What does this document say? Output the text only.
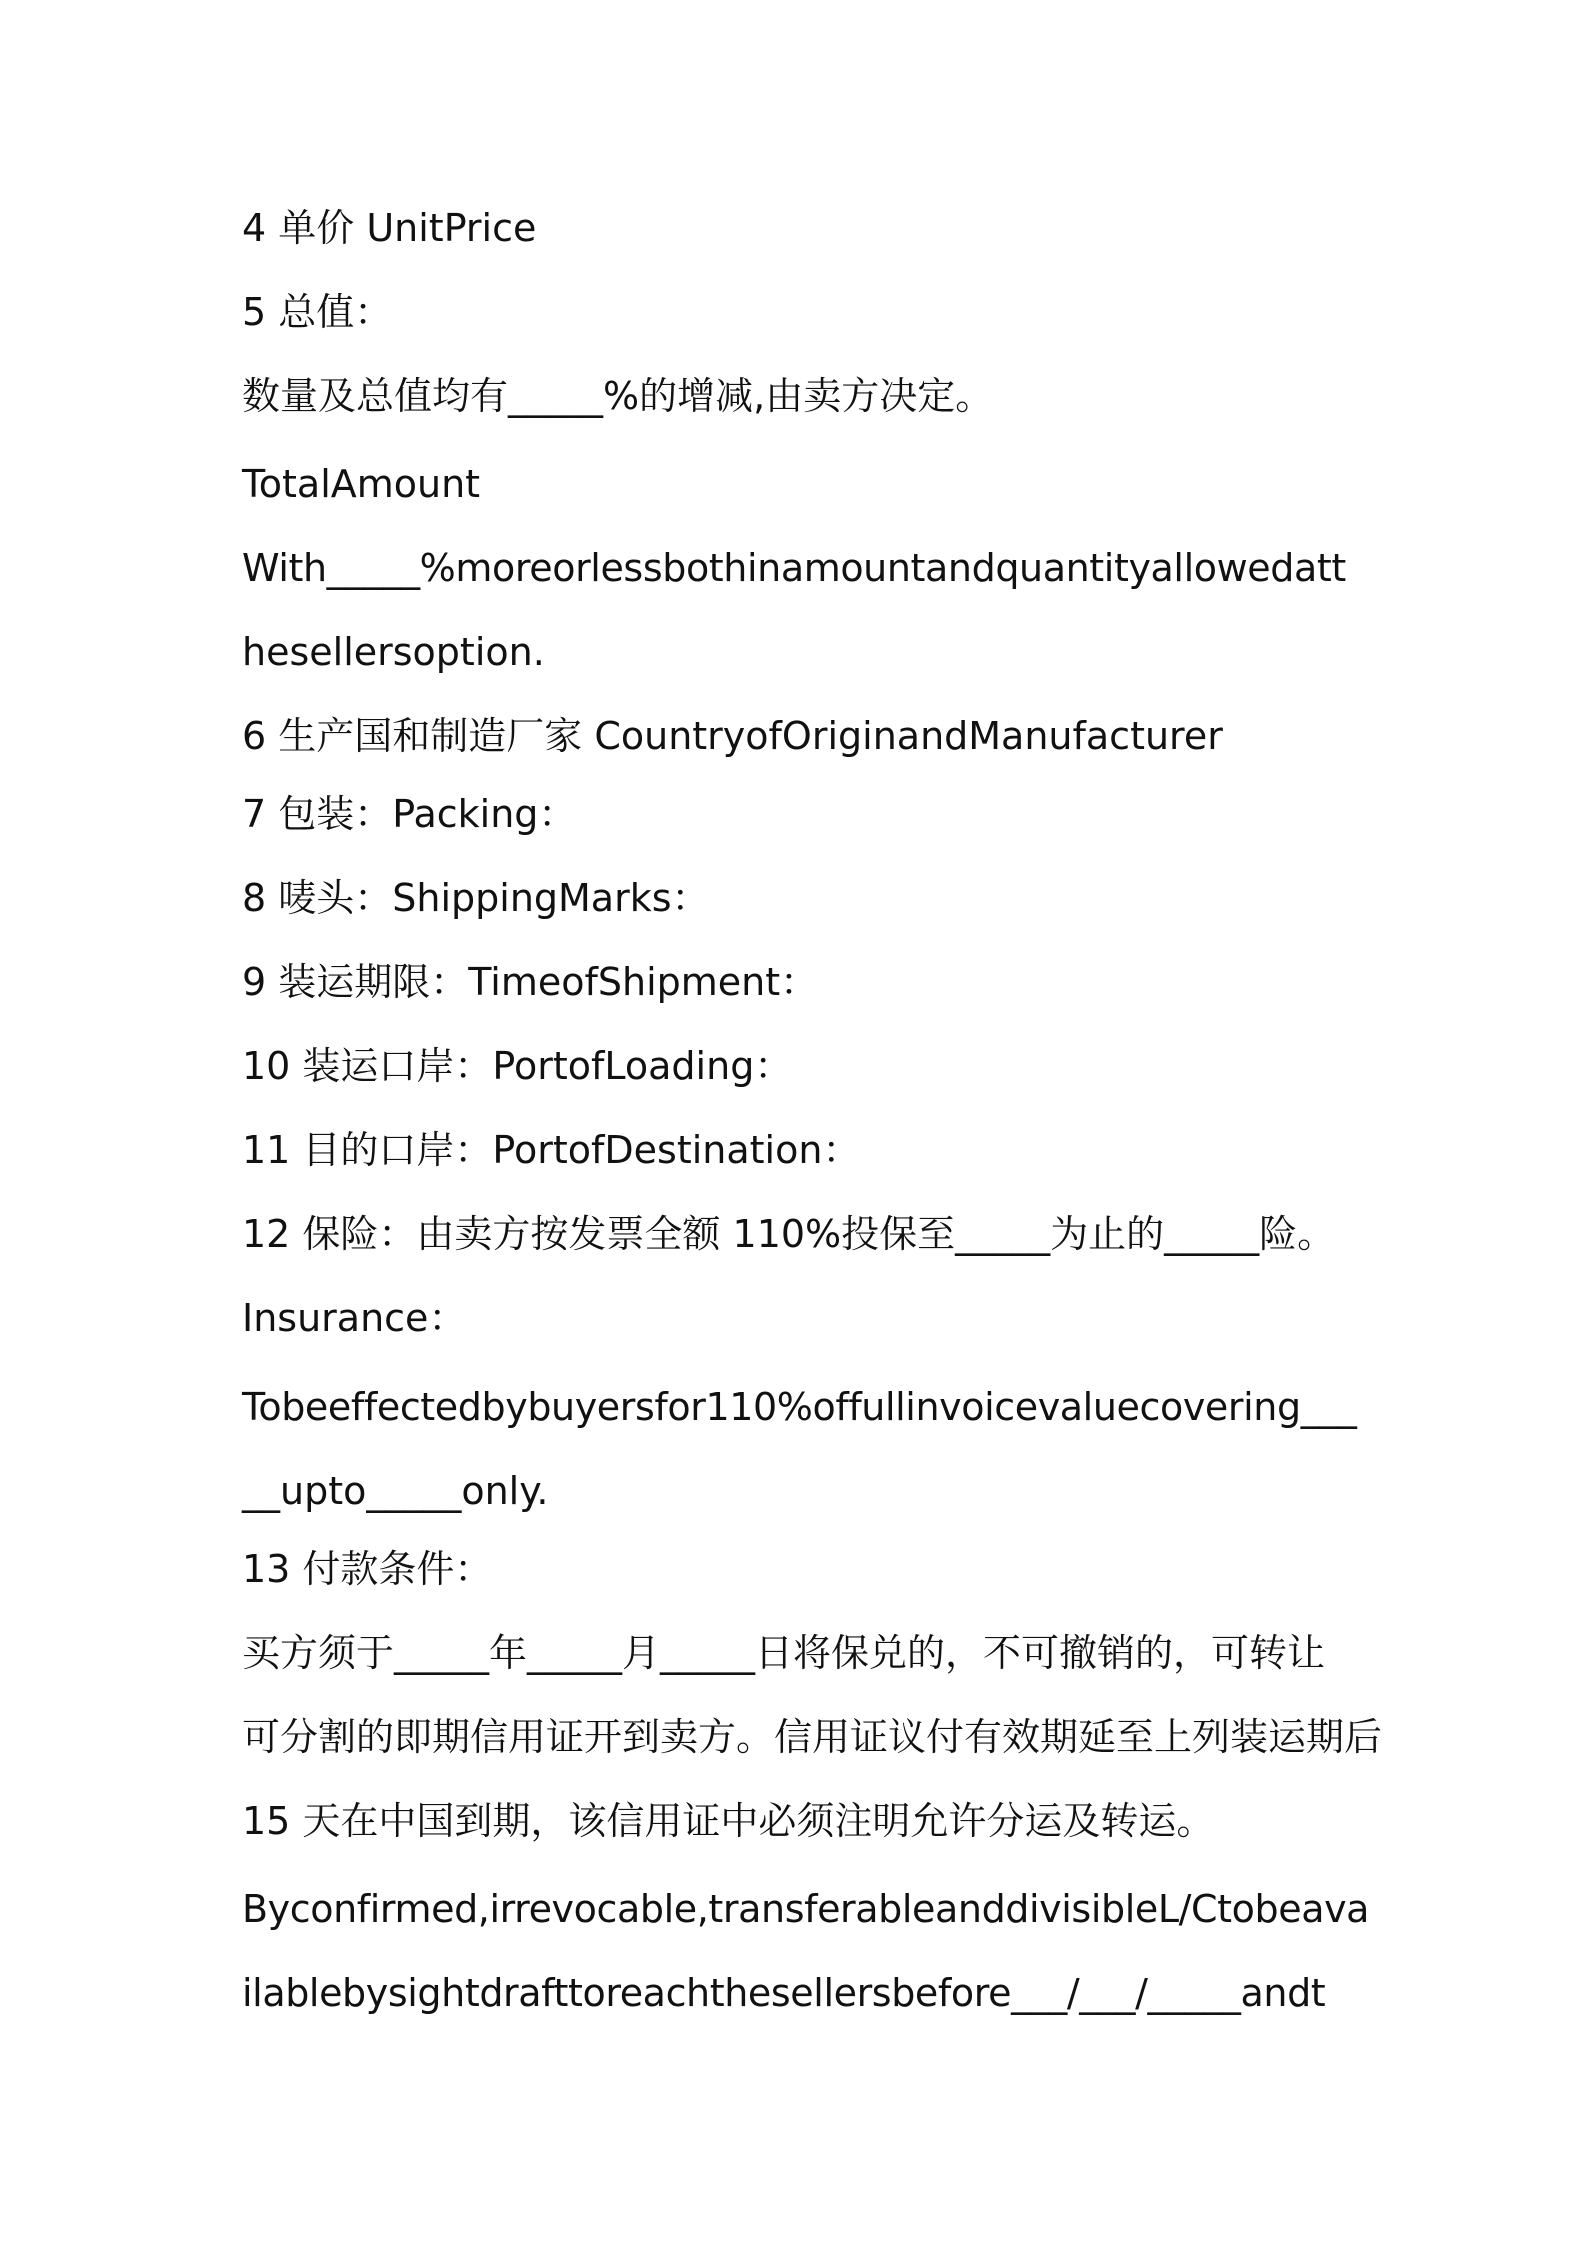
4 单价 UnitPrice
5 总值：
数量及总值均有_____%的增减,由卖方决定。
TotalAmount
With_____%moreorlessbothinamountandquantityallowedatt
hesellersoption.
6 生产国和制造厂家 CountryofOriginandManufacturer
7 包装：Packing：
8 唛头：ShippingMarks：
9 装运期限：TimeofShipment：
10 装运口岸：PortofLoading：
11 目的口岸：PortofDestination：
12 保险：由卖方按发票全额 110%投保至_____为止的_____险。
Insurance：
Tobeeffectedbybuyersfor110%offullinvoicevaluecovering___
__upto_____only.
13 付款条件：
买方须于_____年_____月_____日将保兑的，不可撤销的，可转让
可分割的即期信用证开到卖方。信用证议付有效期延至上列装运期后
15 天在中国到期，该信用证中必须注明允许分运及转运。
Byconfirmed,irrevocable,transferableanddivisibleL/Ctobeava
ilablebysightdrafttoreachthesellersbefore___/___/_____andt
